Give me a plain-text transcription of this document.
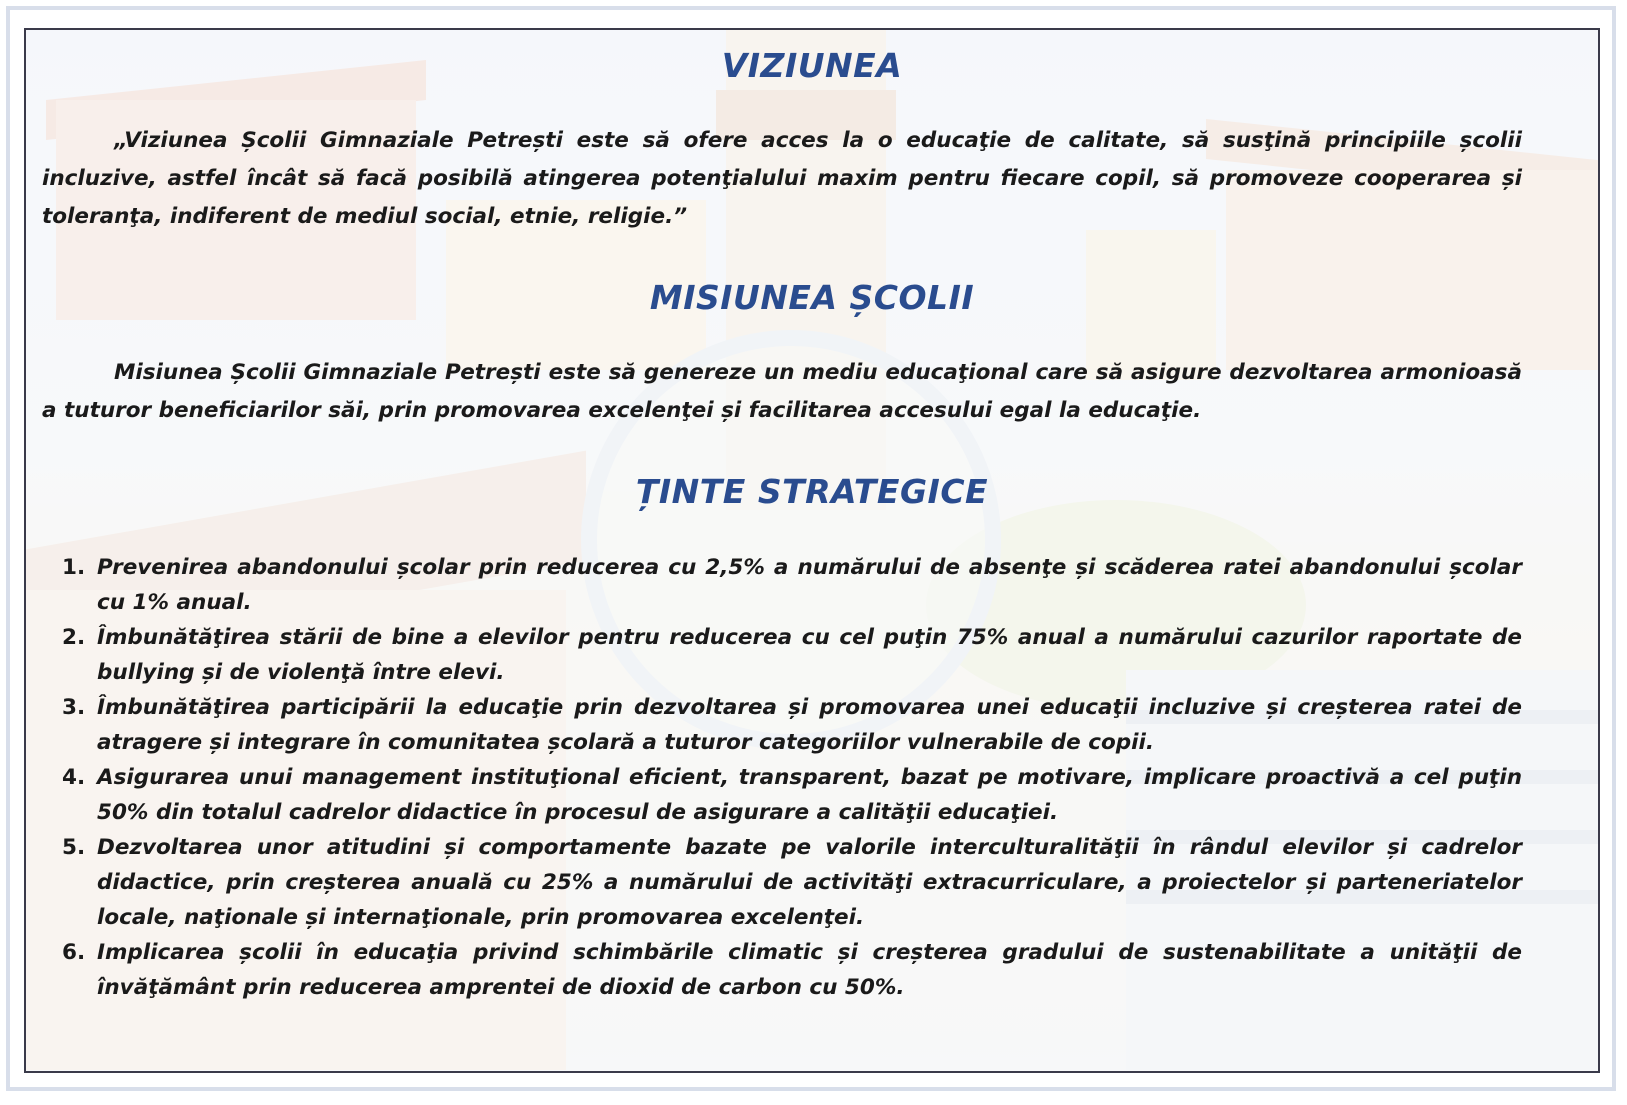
VIZIUNEA

„Viziunea Școlii Gimnaziale Petrești este să ofere acces la o educaţie de calitate, să susţină principiile școlii incluzive, astfel încât să facă posibilă atingerea potenţialului maxim pentru fiecare copil, să promoveze cooperarea și toleranţa, indiferent de mediul social, etnie, religie.”

MISIUNEA ȘCOLII

Misiunea Școlii Gimnaziale Petrești este să genereze un mediu educaţional care să asigure dezvoltarea armonioasă a tuturor beneficiarilor săi, prin promovarea excelenţei și facilitarea accesului egal la educaţie.

ȚINTE STRATEGICE
1. Prevenirea abandonului școlar prin reducerea cu 2,5% a numărului de absenţe și scăderea ratei abandonului școlar cu 1% anual.
2. Îmbunătăţirea stării de bine a elevilor pentru reducerea cu cel puţin 75% anual a numărului cazurilor raportate de bullying și de violenţă între elevi.
3. Îmbunătăţirea participării la educaţie prin dezvoltarea și promovarea unei educaţii incluzive și creșterea ratei de atragere și integrare în comunitatea școlară a tuturor categoriilor vulnerabile de copii.
4. Asigurarea unui management instituţional eficient, transparent, bazat pe motivare, implicare proactivă a cel puţin 50% din totalul cadrelor didactice în procesul de asigurare a calităţii educaţiei.
5. Dezvoltarea unor atitudini și comportamente bazate pe valorile interculturalităţii în rândul elevilor și cadrelor didactice, prin creșterea anuală cu 25% a numărului de activităţi extracurriculare, a proiectelor și parteneriatelor locale, naţionale și internaţionale, prin promovarea excelenţei.
6. Implicarea școlii în educaţia privind schimbările climatic și creșterea gradului de sustenabilitate a unităţii de învăţământ prin reducerea amprentei de dioxid de carbon cu 50%.
